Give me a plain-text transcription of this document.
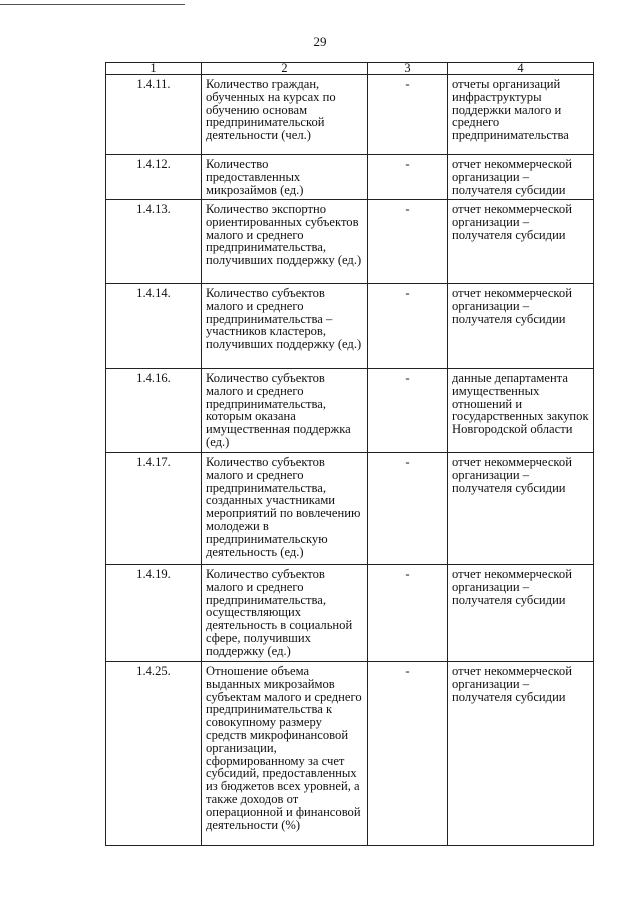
29
1	2	3	4
1.4.11.	Количество граждан, обученных на курсах по обучению основам предпринимательской деятельности (чел.)	-	отчеты организаций инфраструктуры поддержки малого и среднего предпринимательства
1.4.12.	Количество предоставленных микрозаймов (ед.)	-	отчет некоммерческой организации – получателя субсидии
1.4.13.	Количество экспортно ориентированных субъектов малого и среднего предпринимательства, получивших поддержку (ед.)	-	отчет некоммерческой организации – получателя субсидии
1.4.14.	Количество субъектов малого и среднего предпринимательства – участников кластеров, получивших поддержку (ед.)	-	отчет некоммерческой организации – получателя субсидии
1.4.16.	Количество субъектов малого и среднего предпринимательства, которым оказана имущественная поддержка (ед.)	-	данные департамента имущественных отношений и государственных закупок Новгородской области
1.4.17.	Количество субъектов малого и среднего предпринимательства, созданных участниками мероприятий по вовлечению молодежи в предпринимательскую деятельность (ед.)	-	отчет некоммерческой организации – получателя субсидии
1.4.19.	Количество субъектов малого и среднего предпринимательства, осуществляющих деятельность в социальной сфере, получивших поддержку (ед.)	-	отчет некоммерческой организации – получателя субсидии
1.4.25.	Отношение объема выданных микрозаймов субъектам малого и среднего предпринимательства к совокупному размеру средств микрофинансовой организации, сформированному за счет субсидий, предоставленных из бюджетов всех уровней, а также доходов от операционной и финансовой деятельности (%)	-	отчет некоммерческой организации – получателя субсидии
